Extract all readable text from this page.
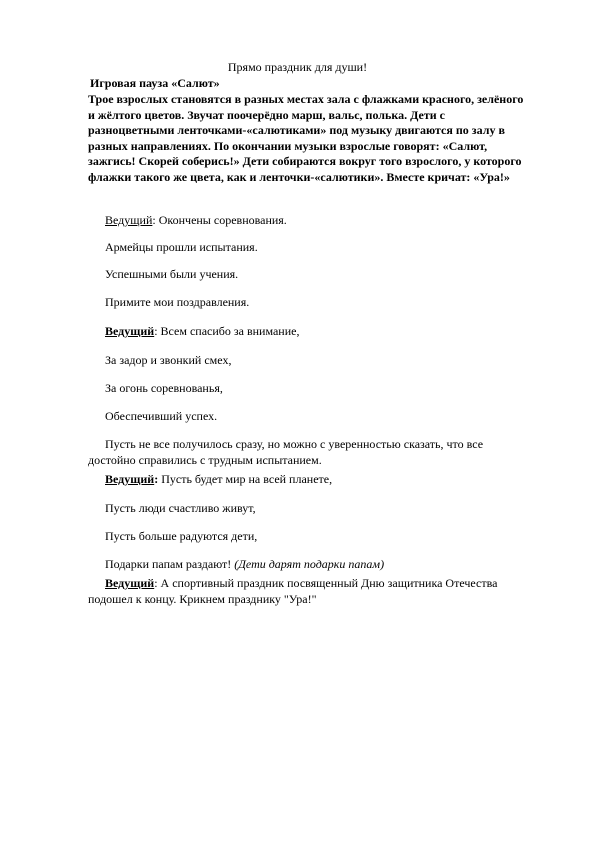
Прямо праздник для души!
Игровая пауза «Салют»

Трое взрослых становятся в разных местах зала с флажками красного, зелёного и жёлтого цветов. Звучат поочерёдно марш, вальс, полька. Дети с разноцветными ленточками-«салютиками» под музыку двигаются по залу в разных направлениях. По окончании музыки взрослые говорят: «Салют, зажгись! Скорей соберись!» Дети собираются вокруг того взрослого, у которого флажки такого же цвета, как и ленточки-«салютики». Вместе кричат: «Ура!»

Ведущий: Окончены соревнования.

Армейцы прошли испытания.

Успешными были учения.

Примите мои поздравления.

Ведущий: Всем спасибо за внимание,

За задор и звонкий смех,

За огонь соревнованья,

Обеспечивший успех.

Пусть не все получилось сразу, но можно с уверенностью сказать, что все достойно справились с трудным испытанием.

Ведущий: Пусть будет мир на всей планете,

Пусть люди счастливо живут,

Пусть больше радуются дети,

Подарки папам раздают! (Дети дарят подарки папам)

Ведущий: А спортивный праздник посвященный Дню защитника Отечества подошел к концу. Крикнем празднику "Ура!"
